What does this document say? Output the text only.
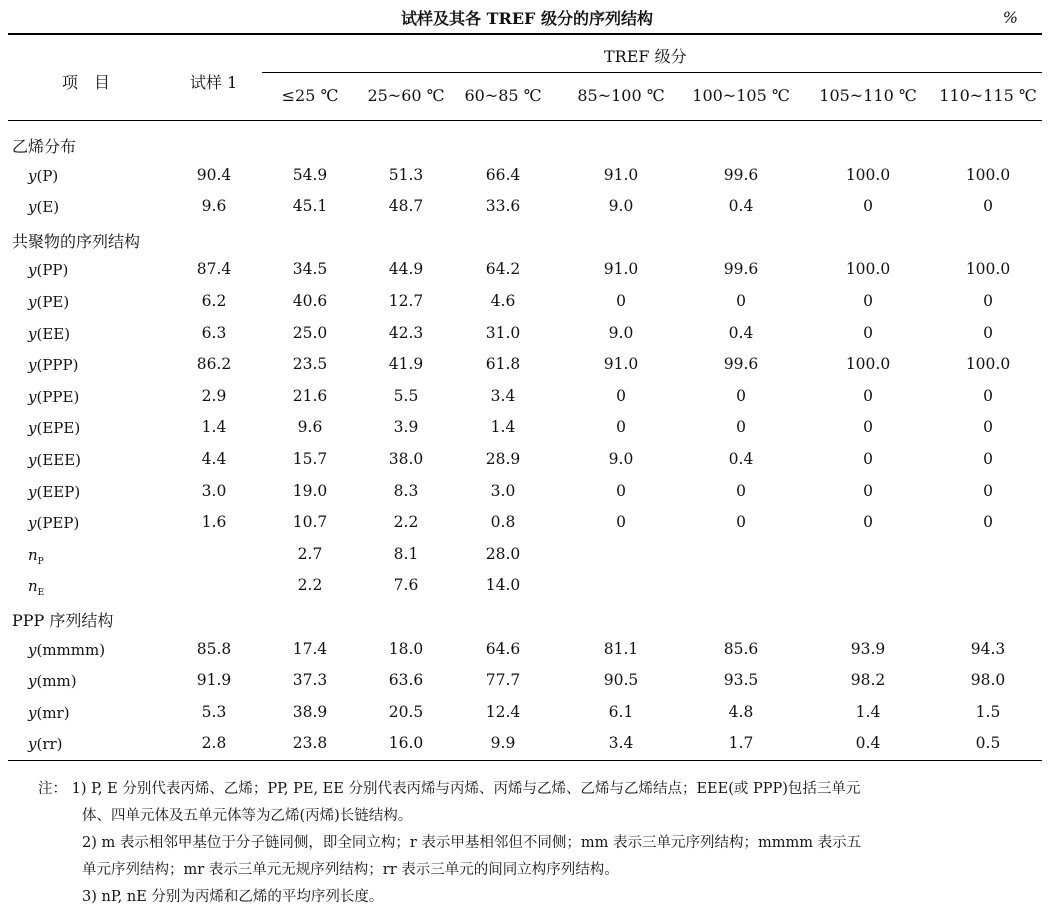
试样及其各 TREF 级分的序列结构	%
项　目	试样 1
TREF 级分
≤25 ℃	25~60 ℃	60~85 ℃	85~100 ℃	100~105 ℃	105~110 ℃	110~115 ℃
乙烯分布
y(P)	90.4	54.9	51.3	66.4	91.0	99.6	100.0	100.0
y(E)	9.6	45.1	48.7	33.6	9.0	0.4	0	0
共聚物的序列结构
y(PP)	87.4	34.5	44.9	64.2	91.0	99.6	100.0	100.0
y(PE)	6.2	40.6	12.7	4.6	0	0	0	0
y(EE)	6.3	25.0	42.3	31.0	9.0	0.4	0	0
y(PPP)	86.2	23.5	41.9	61.8	91.0	99.6	100.0	100.0
y(PPE)	2.9	21.6	5.5	3.4	0	0	0	0
y(EPE)	1.4	9.6	3.9	1.4	0	0	0	0
y(EEE)	4.4	15.7	38.0	28.9	9.0	0.4	0	0
y(EEP)	3.0	19.0	8.3	3.0	0	0	0	0
y(PEP)	1.6	10.7	2.2	0.8	0	0	0	0
$n_P$	2.7	8.1	28.0
$n_E$	2.2	7.6	14.0
PPP 序列结构
y(mmmm)	85.8	17.4	18.0	64.6	81.1	85.6	93.9	94.3
y(mm)	91.9	37.3	63.6	77.7	90.5	93.5	98.2	98.0
y(mr)	5.3	38.9	20.5	12.4	6.1	4.8	1.4	1.5
y(rr)	2.8	23.8	16.0	9.9	3.4	1.7	0.4	0.5

注： 1) P, E 分别代表丙烯、乙烯；PP, PE, EE 分别代表丙烯与丙烯、丙烯与乙烯、乙烯与乙烯结点；EEE(或 PPP)包括三单元

体、四单元体及五单元体等为乙烯(丙烯)长链结构。

2) m 表示相邻甲基位于分子链同侧，即全同立构；r 表示甲基相邻但不同侧；mm 表示三单元序列结构；mmmm 表示五

单元序列结构；mr 表示三单元无规序列结构；rr 表示三单元的间同立构序列结构。

3) nP, nE 分别为丙烯和乙烯的平均序列长度。
